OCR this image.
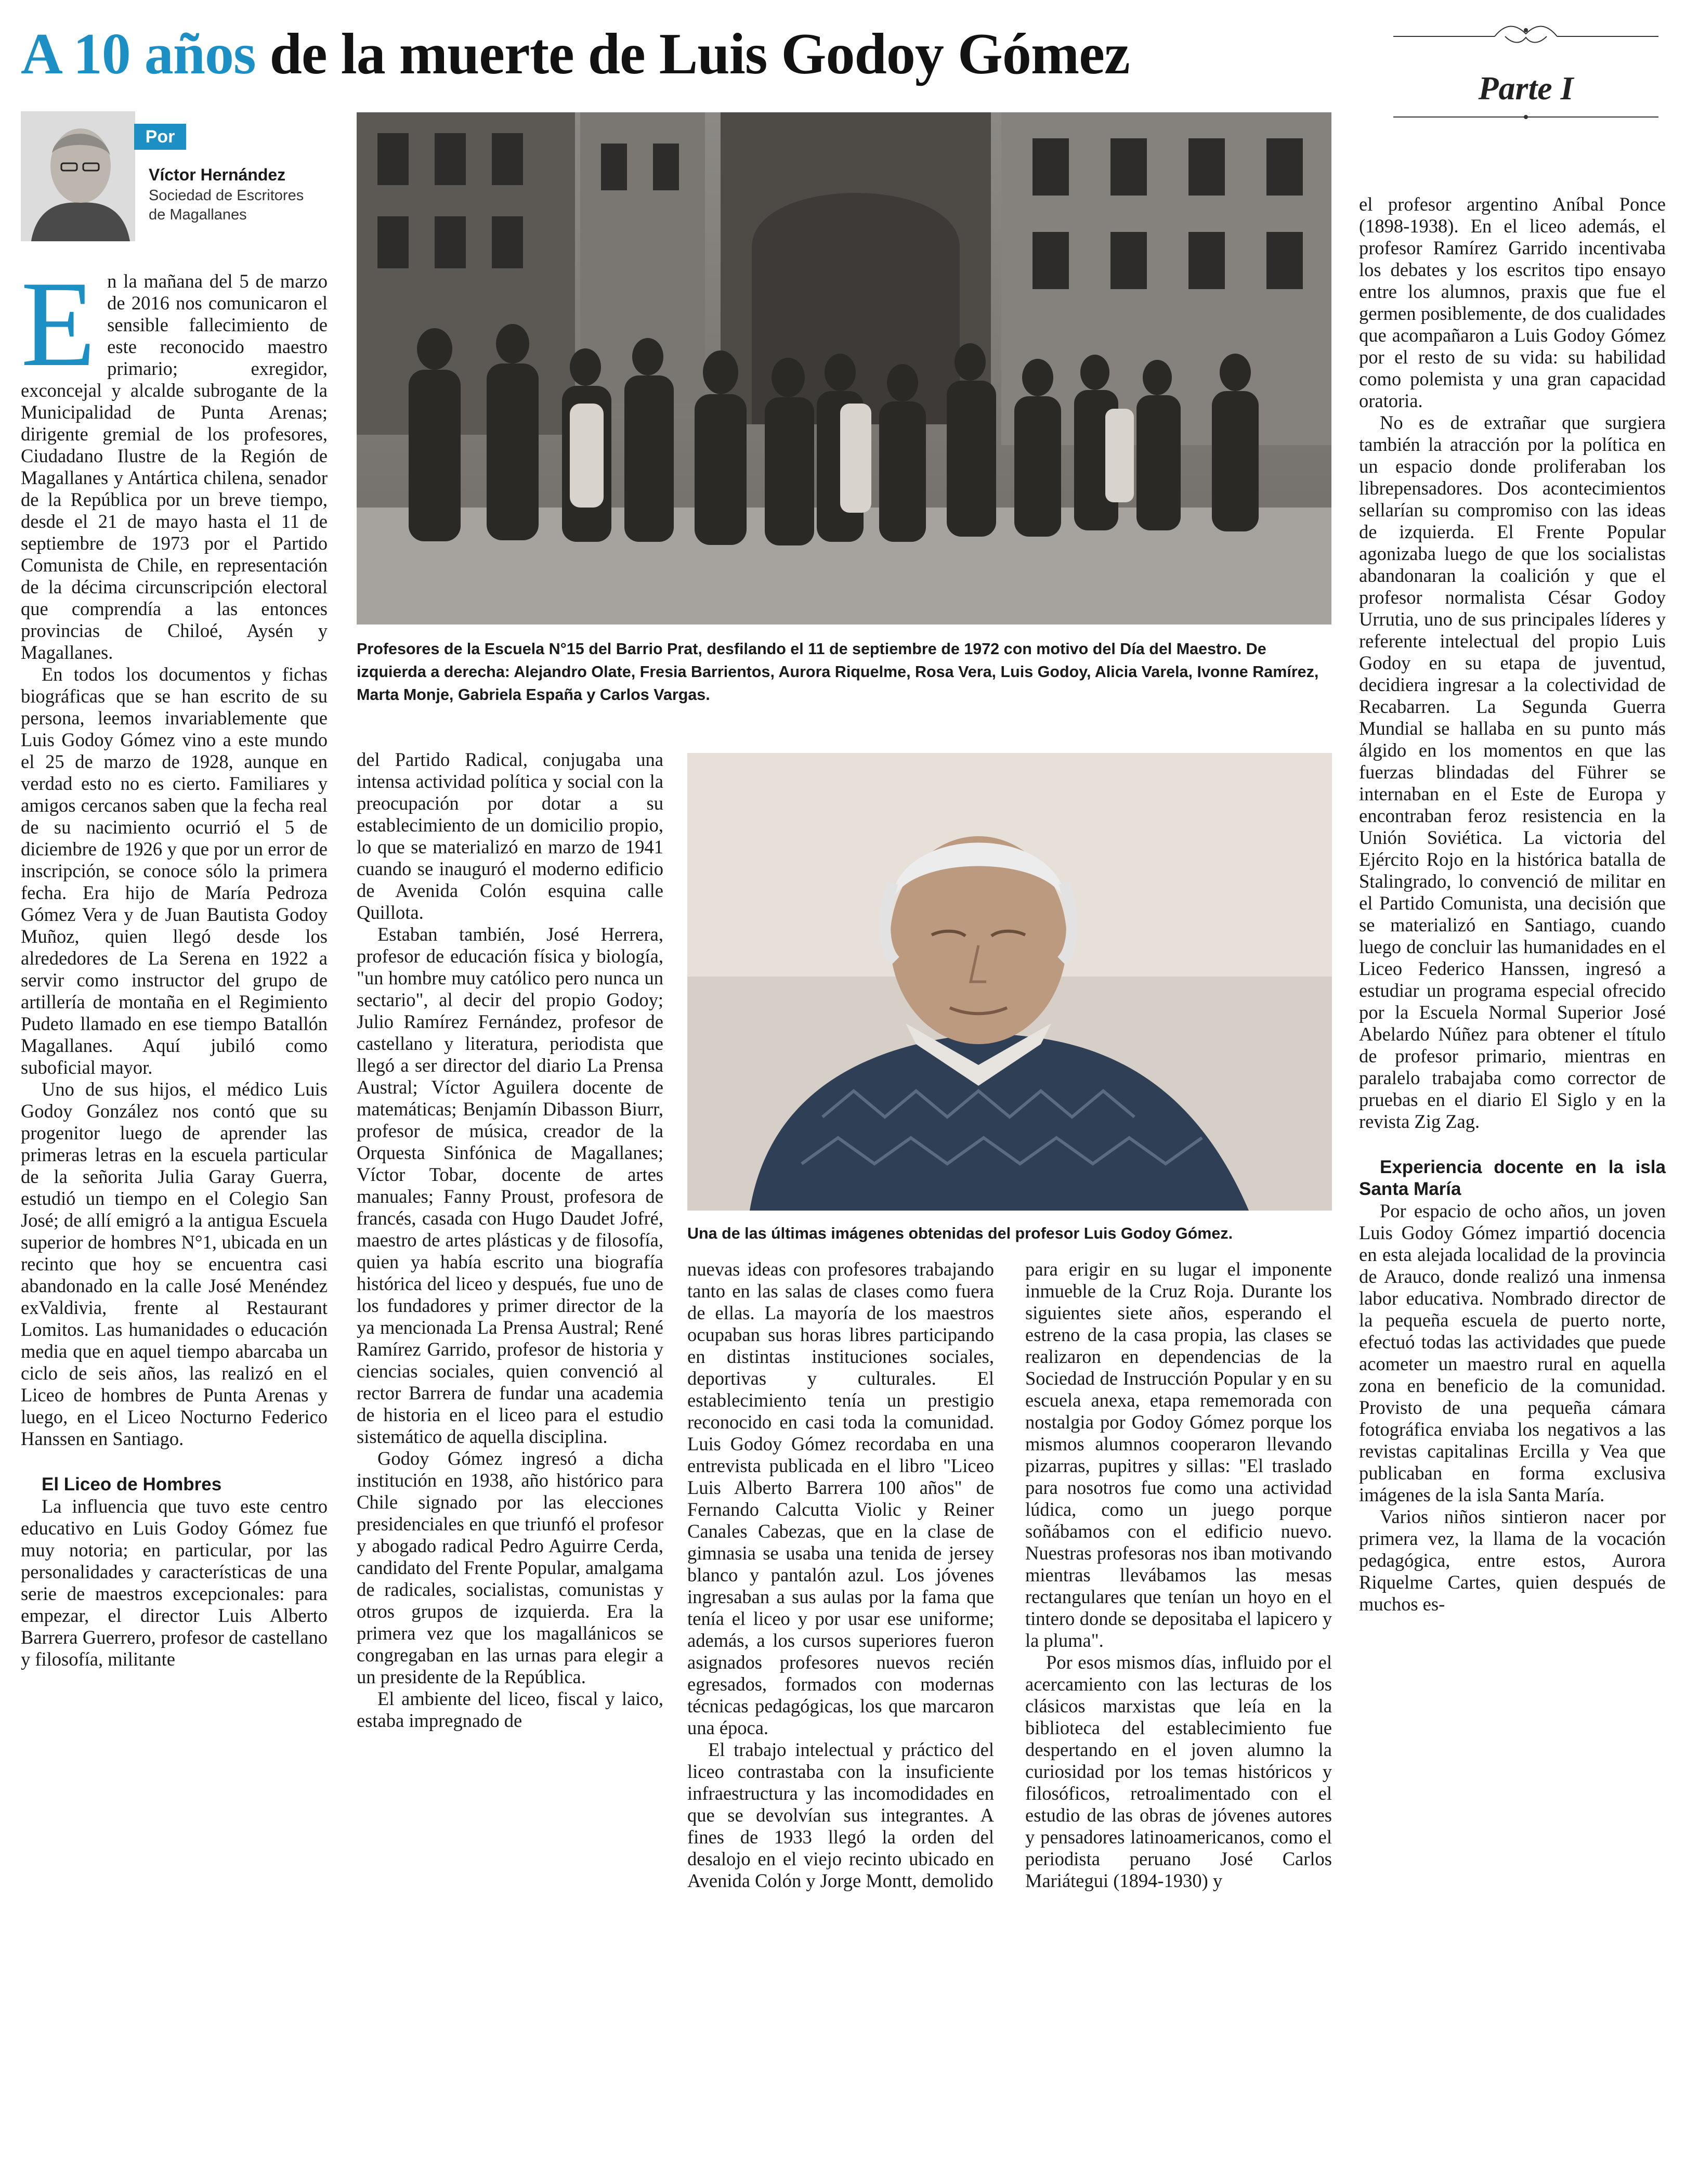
A 10 años de la muerte de Luis Godoy Gómez
Parte I
Por
Víctor Hernández
Sociedad de Escritores de Magallanes

En la mañana del 5 de marzo de 2016 nos comunicaron el sensible fallecimiento de este reconocido maestro primario; exregidor, exconcejal y alcalde subrogante de la Municipalidad de Punta Arenas; dirigente gremial de los profesores, Ciudadano Ilustre de la Región de Magallanes y Antártica chilena, senador de la República por un breve tiempo, desde el 21 de mayo hasta el 11 de septiembre de 1973 por el Partido Comunista de Chile, en representación de la décima circunscripción electoral que comprendía a las entonces provincias de Chiloé, Aysén y Magallanes.

En todos los documentos y fichas biográficas que se han escrito de su persona, leemos invariablemente que Luis Godoy Gómez vino a este mundo el 25 de marzo de 1928, aunque en verdad esto no es cierto. Familiares y amigos cercanos saben que la fecha real de su nacimiento ocurrió el 5 de diciembre de 1926 y que por un error de inscripción, se conoce sólo la primera fecha. Era hijo de María Pedroza Gómez Vera y de Juan Bautista Godoy Muñoz, quien llegó desde los alrededores de La Serena en 1922 a servir como instructor del grupo de artillería de montaña en el Regimiento Pudeto llamado en ese tiempo Batallón Magallanes. Aquí jubiló como suboficial mayor.

Uno de sus hijos, el médico Luis Godoy González nos contó que su progenitor luego de aprender las primeras letras en la escuela particular de la señorita Julia Garay Guerra, estudió un tiempo en el Colegio San José; de allí emigró a la antigua Escuela superior de hombres N°1, ubicada en un recinto que hoy se encuentra casi abandonado en la calle José Menéndez exValdivia, frente al Restaurant Lomitos. Las humanidades o educación media que en aquel tiempo abarcaba un ciclo de seis años, las realizó en el Liceo de hombres de Punta Arenas y luego, en el Liceo Nocturno Federico Hanssen en Santiago.

El Liceo de Hombres

La influencia que tuvo este centro educativo en Luis Godoy Gómez fue muy notoria; en particular, por las personalidades y características de una serie de maestros excepcionales: para empezar, el director Luis Alberto Barrera Guerrero, profesor de castellano y filosofía, militante

Profesores de la Escuela N°15 del Barrio Prat, desfilando el 11 de septiembre de 1972 con motivo del Día del Maestro. De izquierda a derecha: Alejandro Olate, Fresia Barrientos, Aurora Riquelme, Rosa Vera, Luis Godoy, Alicia Varela, Ivonne Ramírez, Marta Monje, Gabriela España y Carlos Vargas.

del Partido Radical, conjugaba una intensa actividad política y social con la preocupación por dotar a su establecimiento de un domicilio propio, lo que se materializó en marzo de 1941 cuando se inauguró el moderno edificio de Avenida Colón esquina calle Quillota.

Estaban también, José Herrera, profesor de educación física y biología, "un hombre muy católico pero nunca un sectario", al decir del propio Godoy; Julio Ramírez Fernández, profesor de castellano y literatura, periodista que llegó a ser director del diario La Prensa Austral; Víctor Aguilera docente de matemáticas; Benjamín Dibasson Biurr, profesor de música, creador de la Orquesta Sinfónica de Magallanes; Víctor Tobar, docente de artes manuales; Fanny Proust, profesora de francés, casada con Hugo Daudet Jofré, maestro de artes plásticas y de filosofía, quien ya había escrito una biografía histórica del liceo y después, fue uno de los fundadores y primer director de la ya mencionada La Prensa Austral; René Ramírez Garrido, profesor de historia y ciencias sociales, quien convenció al rector Barrera de fundar una academia de historia en el liceo para el estudio sistemático de aquella disciplina.

Godoy Gómez ingresó a dicha institución en 1938, año histórico para Chile signado por las elecciones presidenciales en que triunfó el profesor y abogado radical Pedro Aguirre Cerda, candidato del Frente Popular, amalgama de radicales, socialistas, comunistas y otros grupos de izquierda. Era la primera vez que los magallánicos se congregaban en las urnas para elegir a un presidente de la República.

El ambiente del liceo, fiscal y laico, estaba impregnado de

Una de las últimas imágenes obtenidas del profesor Luis Godoy Gómez.

nuevas ideas con profesores trabajando tanto en las salas de clases como fuera de ellas. La mayoría de los maestros ocupaban sus horas libres participando en distintas instituciones sociales, deportivas y culturales. El establecimiento tenía un prestigio reconocido en casi toda la comunidad. Luis Godoy Gómez recordaba en una entrevista publicada en el libro "Liceo Luis Alberto Barrera 100 años" de Fernando Calcutta Violic y Reiner Canales Cabezas, que en la clase de gimnasia se usaba una tenida de jersey blanco y pantalón azul. Los jóvenes ingresaban a sus aulas por la fama que tenía el liceo y por usar ese uniforme; además, a los cursos superiores fueron asignados profesores nuevos recién egresados, formados con modernas técnicas pedagógicas, los que marcaron una época.

El trabajo intelectual y práctico del liceo contrastaba con la insuficiente infraestructura y las incomodidades en que se devolvían sus integrantes. A fines de 1933 llegó la orden del desalojo en el viejo recinto ubicado en Avenida Colón y Jorge Montt, demolido

para erigir en su lugar el imponente inmueble de la Cruz Roja. Durante los siguientes siete años, esperando el estreno de la casa propia, las clases se realizaron en dependencias de la Sociedad de Instrucción Popular y en su escuela anexa, etapa rememorada con nostalgia por Godoy Gómez porque los mismos alumnos cooperaron llevando pizarras, pupitres y sillas: "El traslado para nosotros fue como una actividad lúdica, como un juego porque soñábamos con el edificio nuevo. Nuestras profesoras nos iban motivando mientras llevábamos las mesas rectangulares que tenían un hoyo en el tintero donde se depositaba el lapicero y la pluma".

Por esos mismos días, influido por el acercamiento con las lecturas de los clásicos marxistas que leía en la biblioteca del establecimiento fue despertando en el joven alumno la curiosidad por los temas históricos y filosóficos, retroalimentado con el estudio de las obras de jóvenes autores y pensadores latinoamericanos, como el periodista peruano José Carlos Mariátegui (1894-1930) y

el profesor argentino Aníbal Ponce (1898-1938). En el liceo además, el profesor Ramírez Garrido incentivaba los debates y los escritos tipo ensayo entre los alumnos, praxis que fue el germen posiblemente, de dos cualidades que acompañaron a Luis Godoy Gómez por el resto de su vida: su habilidad como polemista y una gran capacidad oratoria.

No es de extrañar que surgiera también la atracción por la política en un espacio donde proliferaban los librepensadores. Dos acontecimientos sellarían su compromiso con las ideas de izquierda. El Frente Popular agonizaba luego de que los socialistas abandonaran la coalición y que el profesor normalista César Godoy Urrutia, uno de sus principales líderes y referente intelectual del propio Luis Godoy en su etapa de juventud, decidiera ingresar a la colectividad de Recabarren. La Segunda Guerra Mundial se hallaba en su punto más álgido en los momentos en que las fuerzas blindadas del Führer se internaban en el Este de Europa y encontraban feroz resistencia en la Unión Soviética. La victoria del Ejército Rojo en la histórica batalla de Stalingrado, lo convenció de militar en el Partido Comunista, una decisión que se materializó en Santiago, cuando luego de concluir las humanidades en el Liceo Federico Hanssen, ingresó a estudiar un programa especial ofrecido por la Escuela Normal Superior José Abelardo Núñez para obtener el título de profesor primario, mientras en paralelo trabajaba como corrector de pruebas en el diario El Siglo y en la revista Zig Zag.

Experiencia docente en la isla Santa María

Por espacio de ocho años, un joven Luis Godoy Gómez impartió docencia en esta alejada localidad de la provincia de Arauco, donde realizó una inmensa labor educativa. Nombrado director de la pequeña escuela de puerto norte, efectuó todas las actividades que puede acometer un maestro rural en aquella zona en beneficio de la comunidad. Provisto de una pequeña cámara fotográfica enviaba los negativos a las revistas capitalinas Ercilla y Vea que publicaban en forma exclusiva imágenes de la isla Santa María.

Varios niños sintieron nacer por primera vez, la llama de la vocación pedagógica, entre estos, Aurora Riquelme Cartes, quien después de muchos es-
